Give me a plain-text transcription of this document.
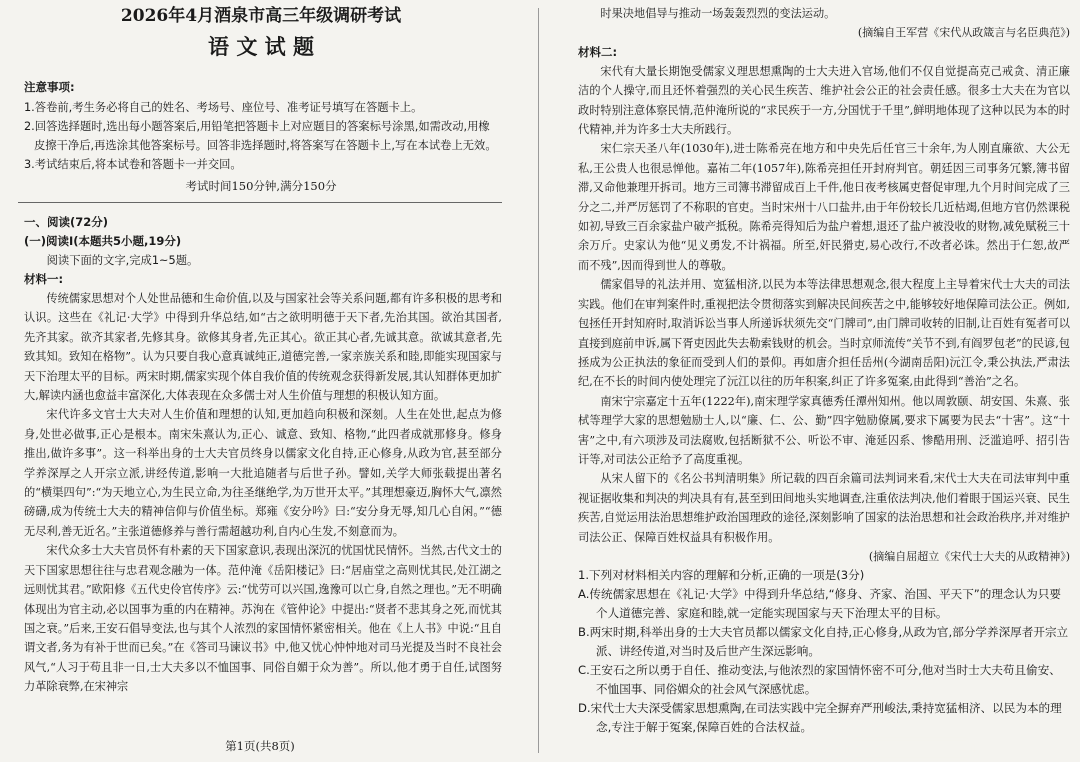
2026年4月酒泉市高三年级调研考试
语 文 试 题
注意事项:
1.答卷前,考生务必将自己的姓名、考场号、座位号、准考证号填写在答题卡上。
2.回答选择题时,选出每小题答案后,用铅笔把答题卡上对应题目的答案标号涂黑,如需改动,用橡皮擦干净后,再选涂其他答案标号。回答非选择题时,将答案写在答题卡上,写在本试卷上无效。
3.考试结束后,将本试卷和答题卡一并交回。
考试时间150分钟,满分150分
一、阅读(72分)
(一)阅读Ⅰ(本题共5小题,19分)
阅读下面的文字,完成1~5题。
材料一:

传统儒家思想对个人处世品德和生命价值,以及与国家社会等关系问题,都有许多积极的思考和认识。这些在《礼记·大学》中得到升华总结,如“古之欲明明德于天下者,先治其国。欲治其国者,先齐其家。欲齐其家者,先修其身。欲修其身者,先正其心。欲正其心者,先诚其意。欲诚其意者,先致其知。致知在格物”。认为只要自我心意真诚纯正,道德完善,一家亲族关系和睦,即能实现国家与天下治理太平的目标。两宋时期,儒家实现个体自我价值的传统观念获得新发展,其认知群体更加扩大,解读内涵也愈益丰富深化,大体表现在众多儒士对人生价值与理想的积极认知方面。

宋代许多文官士大夫对人生价值和理想的认知,更加趋向积极和深刻。人生在处世,起点为修身,处世必做事,正心是根本。南宋朱熹认为,正心、诚意、致知、格物,“此四者成就那修身。修身推出,做许多事”。这一科举出身的士大夫官员终身以儒家文化自持,正心修身,从政为官,甚至部分学养深厚之人开宗立派,讲经传道,影响一大批追随者与后世子孙。譬如,关学大师张载提出著名的“横渠四句”:“为天地立心,为生民立命,为往圣继绝学,为万世开太平。”其理想豪迈,胸怀大气,凛然磅礴,成为传统士大夫的精神信仰与价值坐标。郑雍《安分吟》曰:“安分身无辱,知几心自闲。”“德无尽利,善无近名。”主张道德修养与善行需超越功利,自内心生发,不刻意而为。

宋代众多士大夫官员怀有朴素的天下国家意识,表现出深沉的忧国忧民情怀。当然,古代文士的天下国家思想往往与忠君观念融为一体。范仲淹《岳阳楼记》曰:“居庙堂之高则忧其民,处江湖之远则忧其君。”欧阳修《五代史伶官传序》云:“忧劳可以兴国,逸豫可以亡身,自然之理也。”无不明确体现出为官主动,必以国事为重的内在精神。苏洵在《管仲论》中提出:“贤者不悲其身之死,而忧其国之衰。”后来,王安石倡导变法,也与其个人浓烈的家国情怀紧密相关。他在《上人书》中说:“且自谓文者,务为有补于世而已矣。”在《答司马谏议书》中,他又忧心忡忡地对司马光提及当时不良社会风气,“人习于苟且非一日,士大夫多以不恤国事、同俗自媚于众为善”。所以,他才勇于自任,试图努力革除衰弊,在宋神宗

时果决地倡导与推动一场轰轰烈烈的变法运动。

(摘编自王军营《宋代从政箴言与名臣典范》)

材料二:

宋代有大量长期饱受儒家义理思想熏陶的士大夫进入官场,他们不仅自觉提高克己戒贪、清正廉洁的个人操守,而且还怀着强烈的关心民生疾苦、维护社会公正的社会责任感。很多士大夫在为官以政时特别注意体察民情,范仲淹所说的“求民疾于一方,分国忧于千里”,鲜明地体现了这种以民为本的时代精神,并为许多士大夫所践行。

宋仁宗天圣八年(1030年),进士陈希亮在地方和中央先后任官三十余年,为人刚直廉欲、大公无私,王公贵人也很忌惮他。嘉祐二年(1057年),陈希亮担任开封府判官。朝廷因三司事务冗繁,簿书留滞,又命他兼理开拆司。地方三司簿书滞留成百上千件,他日夜考核属吏督促审理,九个月时间完成了三分之二,并严厉惩罚了不称职的官吏。当时宋州十八口盐井,由于年份较长几近枯竭,但地方官仍然课税如初,导致三百余家盐户破产抵税。陈希亮得知后为盐户着想,退还了盐户被没收的财物,减免赋税三十余万斤。史家认为他“见义勇发,不计祸福。所至,奸民猾吏,易心改行,不改者必诛。然出于仁恕,故严而不残”,因而得到世人的尊敬。

儒家倡导的礼法并用、宽猛相济,以民为本等法律思想观念,很大程度上主导着宋代士大夫的司法实践。他们在审判案件时,重视把法令贯彻落实到解决民间疾苦之中,能够较好地保障司法公正。例如,包拯任开封知府时,取消诉讼当事人所递诉状须先交“门牌司”,由门牌司收转的旧制,让百姓有冤者可以直接到庭前申诉,属下胥吏因此失去勒索钱财的机会。当时京师流传“关节不到,有阎罗包老”的民谚,包拯成为公正执法的象征而受到人们的景仰。再如唐介担任岳州(今湖南岳阳)沅江令,秉公执法,严肃法纪,在不长的时间内使处理完了沅江以往的历年积案,纠正了许多冤案,由此得到“善治”之名。

南宋宁宗嘉定十五年(1222年),南宋理学家真德秀任潭州知州。他以周敦颐、胡安国、朱熹、张栻等理学大家的思想勉励士人,以“廉、仁、公、勤”四字勉励僚属,要求下属要为民去“十害”。这“十害”之中,有六项涉及司法腐败,包括断狱不公、听讼不审、淹延囚系、惨酷用刑、泛滥追呼、招引告讦等,对司法公正给予了高度重视。

从宋人留下的《名公书判清明集》所记载的四百余篇司法判词来看,宋代士大夫在司法审判中重视证据收集和判决的判决具有有,甚至到田间地头实地调查,注重依法判决,他们着眼于国运兴衰、民生疾苦,自觉运用法治思想维护政治国理政的途径,深刻影响了国家的法治思想和社会政治秩序,并对维护司法公正、保障百姓权益具有积极作用。

(摘编自屈超立《宋代士大夫的从政精神》)

1.下列对材料相关内容的理解和分析,正确的一项是(3分)

A.传统儒家思想在《礼记·大学》中得到升华总结,“修身、齐家、治国、平天下”的理念认为只要个人道德完善、家庭和睦,就一定能实现国家与天下治理太平的目标。

B.两宋时期,科举出身的士大夫官员都以儒家文化自持,正心修身,从政为官,部分学养深厚者开宗立派、讲经传道,对当时及后世产生深远影响。

C.王安石之所以勇于自任、推动变法,与他浓烈的家国情怀密不可分,他对当时士大夫苟且偷安、不恤国事、同俗媚众的社会风气深感忧虑。

D.宋代士大夫深受儒家思想熏陶,在司法实践中完全摒弃严刑峻法,秉持宽猛相济、以民为本的理念,专注于解于冤案,保障百姓的合法权益。

第1页(共8页)
